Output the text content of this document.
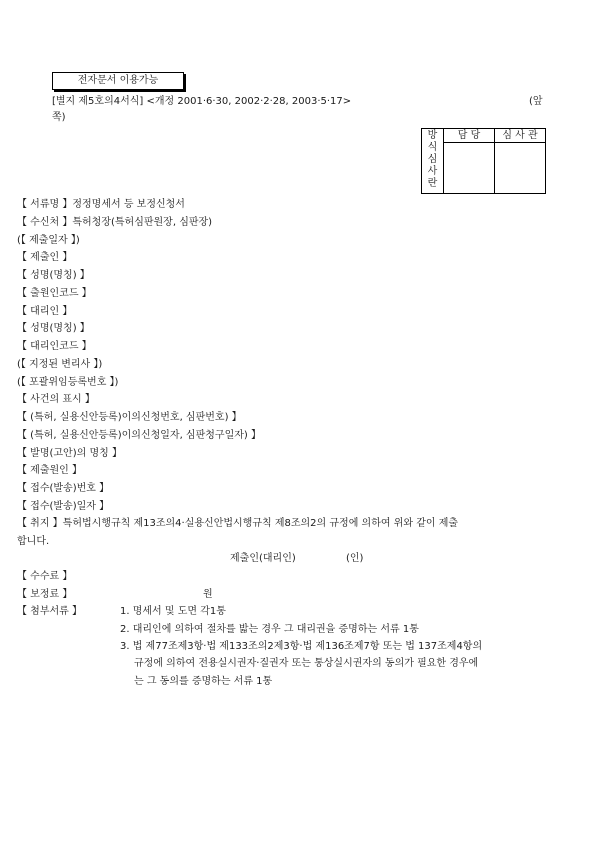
전자문서 이용가능
[별지 제5호의4서식] <개정 2001·6·30, 2002·2·28, 2003·5·17>	(앞
쪽)
방
식
심
사
란	담 당	심 사 관

【 서류명 】정정명세서 등 보정신청서
【 수신처 】특허청장(특허심판원장, 심판장)
(【 제출일자 】)
【 제출인 】
【 성명(명칭) 】
【 출원인코드 】
【 대리인 】
【 성명(명칭) 】
【 대리인코드 】
(【 지정된 변리사 】)
(【 포괄위임등록번호 】)
【 사건의 표시 】
【 (특허, 실용신안등록)이의신청번호, 심판번호) 】
【 (특허, 실용신안등록)이의신청일자, 심판청구일자) 】
【 발명(고안)의 명칭 】
【 제출원인 】
【 접수(발송)번호 】
【 접수(발송)일자 】
【 취지 】특허법시행규칙 제13조의4·실용신안법시행규칙 제8조의2의 규정에 의하여 위와 같이 제출
합니다.
제출인(대리인)	(인)
【 수수료 】
【 보정료 】	원
【 첨부서류 】	1. 명세서 및 도면 각1통
2. 대리인에 의하여 절차를 밟는 경우 그 대리권을 증명하는 서류 1통
3. 법 제77조제3항·법 제133조의2제3항·법 제136조제7항 또는 법 137조제4항의
규정에 의하여 전용실시권자·질권자 또는 통상실시권자의 동의가 필요한 경우에
는 그 동의를 증명하는 서류 1통
